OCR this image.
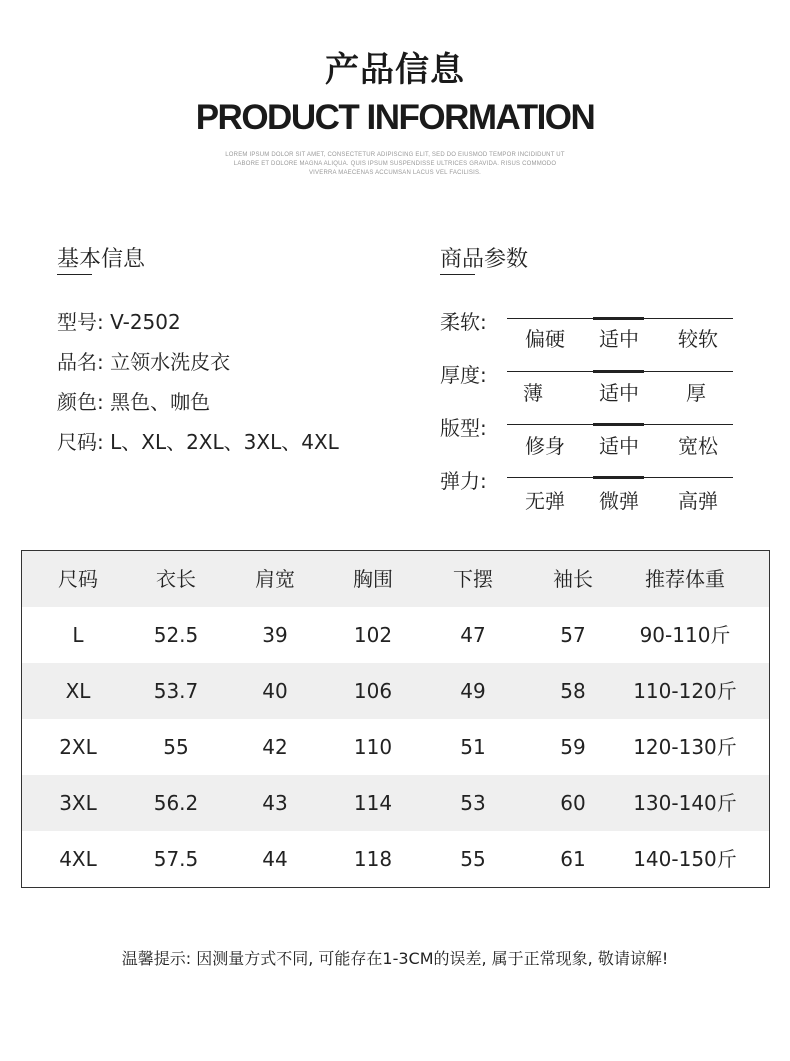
产品信息
PRODUCT INFORMATION
LOREM IPSUM DOLOR SIT AMET, CONSECTETUR ADIPISCING ELIT, SED DO EIUSMOD TEMPOR INCIDIDUNT UT LABORE ET DOLORE MAGNA ALIQUA. QUIS IPSUM SUSPENDISSE ULTRICES GRAVIDA. RISUS COMMODO VIVERRA MAECENAS ACCUMSAN LACUS VEL FACILISIS.
基本信息
型号: V-2502
品名: 立领水洗皮衣
颜色: 黑色、咖色
尺码: L、XL、2XL、3XL、4XL
商品参数
柔软:
偏硬	适中	较软
厚度:
薄	适中	厚
版型:
修身	适中	宽松
弹力:
无弹	微弹	高弹
尺码	衣长	肩宽	胸围	下摆	袖长	推荐体重
L	52.5	39	102	47	57	90-110斤
XL	53.7	40	106	49	58	110-120斤
2XL	55	42	110	51	59	120-130斤
3XL	56.2	43	114	53	60	130-140斤
4XL	57.5	44	118	55	61	140-150斤
温馨提示: 因测量方式不同, 可能存在1-3CM的误差, 属于正常现象, 敬请谅解!
